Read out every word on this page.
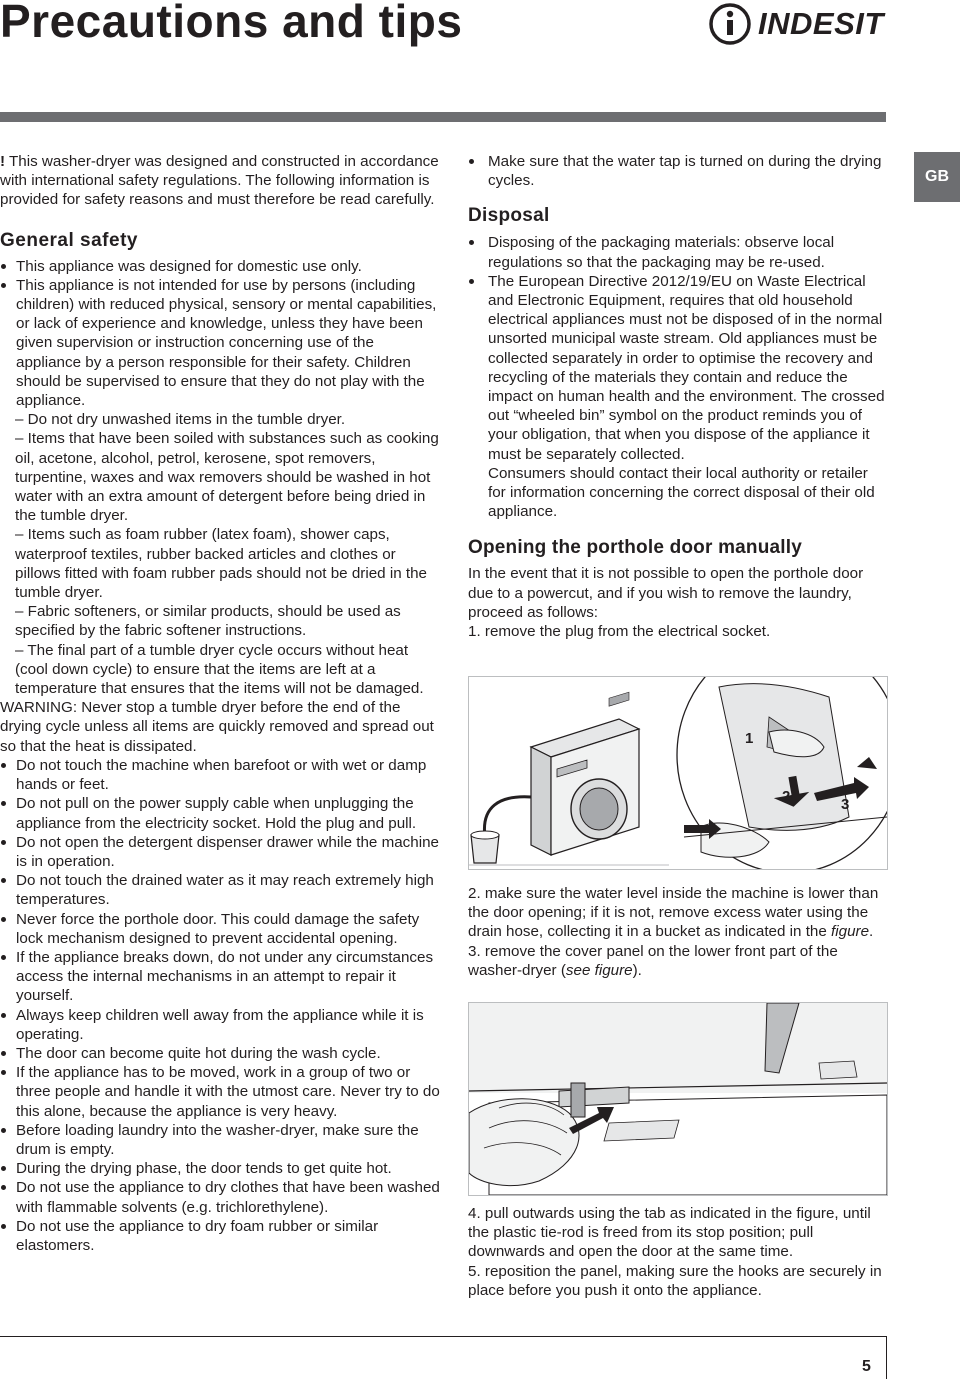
Precautions and tips	INDESIT
GB

! This washer-dryer was designed and constructed in accordance with international safety regulations. The following information is provided for safety reasons and must therefore be read carefully.

General safety

This appliance was designed for domestic use only.

This appliance is not intended for use by persons (including children) with reduced physical, sensory or mental capabilities, or lack of experience and knowledge, unless they have been given supervision or instruction concerning use of the appliance by a person responsible for their safety. Children should be supervised to ensure that they do not play with the appliance.

– Do not dry unwashed items in the tumble dryer.

– Items that have been soiled with substances such as cooking oil, acetone, alcohol, petrol, kerosene, spot removers, turpentine, waxes and wax removers should be washed in hot water with an extra amount of detergent before being dried in the tumble dryer.

– Items such as foam rubber (latex foam), shower caps, waterproof textiles, rubber backed articles and clothes or pillows fitted with foam rubber pads should not be dried in the tumble dryer.

– Fabric softeners, or similar products, should be used as specified by the fabric softener instructions.

– The final part of a tumble dryer cycle occurs without heat (cool down cycle) to ensure that the items are left at a temperature that ensures that the items will not be damaged.

WARNING: Never stop a tumble dryer before the end of the drying cycle unless all items are quickly removed and spread out so that the heat is dissipated.

Do not touch the machine when barefoot or with wet or damp hands or feet.

Do not pull on the power supply cable when unplugging the appliance from the electricity socket. Hold the plug and pull.

Do not open the detergent dispenser drawer while the machine is in operation.

Do not touch the drained water as it may reach extremely high temperatures.

Never force the porthole door. This could damage the safety lock mechanism designed to prevent accidental opening.

If the appliance breaks down, do not under any circumstances access the internal mechanisms in an attempt to repair it yourself.

Always keep children well away from the appliance while it is operating.

The door can become quite hot during the wash cycle.

If the appliance has to be moved, work in a group of two or three people and handle it with the utmost care. Never try to do this alone, because the appliance is very heavy.

Before loading laundry into the washer-dryer, make sure the drum is empty.

During the drying phase, the door tends to get quite hot.

Do not use the appliance to dry clothes that have been washed with flammable solvents (e.g. trichlorethylene).

Do not use the appliance to dry foam rubber or similar elastomers.

Make sure that the water tap is turned on during the drying cycles.

Disposal

Disposing of the packaging materials: observe local regulations so that the packaging may be re-used.

The European Directive 2012/19/EU on Waste Electrical and Electronic Equipment, requires that old household electrical appliances must not be disposed of in the normal unsorted municipal waste stream. Old appliances must be collected separately in order to optimise the recovery and recycling of the materials they contain and reduce the impact on human health and the environment. The crossed out “wheeled bin” symbol on the product reminds you of your obligation, that when you dispose of the appliance it must be separately collected.

Consumers should contact their local authority or retailer for information concerning the correct disposal of their old appliance.

Opening the porthole door manually

In the event that it is not possible to open the porthole door due to a powercut, and if you wish to remove the laundry, proceed as follows:

1. remove the plug from the electrical socket.

1
2	3

2. make sure the water level inside the machine is lower than the door opening; if it is not, remove excess water using the drain hose, collecting it in a bucket as indicated in the figure.

3. remove the cover panel on the lower front part of the washer-dryer (see figure).

4. pull outwards using the tab as indicated in the figure, until the plastic tie-rod is freed from its stop position; pull downwards and open the door at the same time.

5. reposition the panel, making sure the hooks are securely in place before you push it onto the appliance.

5
